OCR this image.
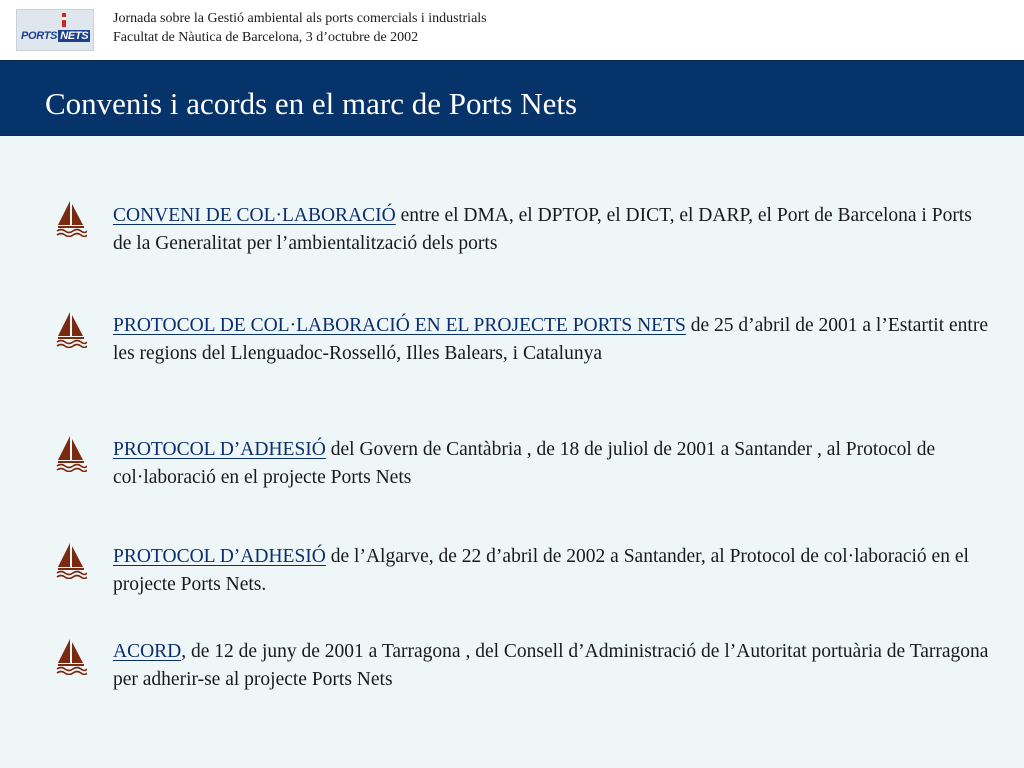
PORTS NETS
Jornada sobre la Gestió ambiental als ports comercials i industrials
Facultat de Nàutica de Barcelona, 3 d’octubre de 2002
Convenis i acords en el marc de Ports Nets

CONVENI DE COL·LABORACIÓ entre el DMA, el DPTOP, el DICT, el DARP, el Port de Barcelona i Ports de la Generalitat per l’ambientalització dels ports

PROTOCOL DE COL·LABORACIÓ EN EL PROJECTE PORTS NETS de 25 d’abril de 2001 a l’Estartit entre les regions del Llenguadoc-Rosselló, Illes Balears, i Catalunya

PROTOCOL D’ADHESIÓ del Govern de Cantàbria , de 18 de juliol de 2001 a Santander , al Protocol de col·laboració en el projecte Ports Nets

PROTOCOL D’ADHESIÓ de l’Algarve, de 22 d’abril de 2002 a Santander, al Protocol de col·laboració en el projecte Ports Nets.

ACORD, de 12 de juny de 2001 a Tarragona , del Consell d’Administració de l’Autoritat portuària de Tarragona per adherir-se al projecte Ports Nets
